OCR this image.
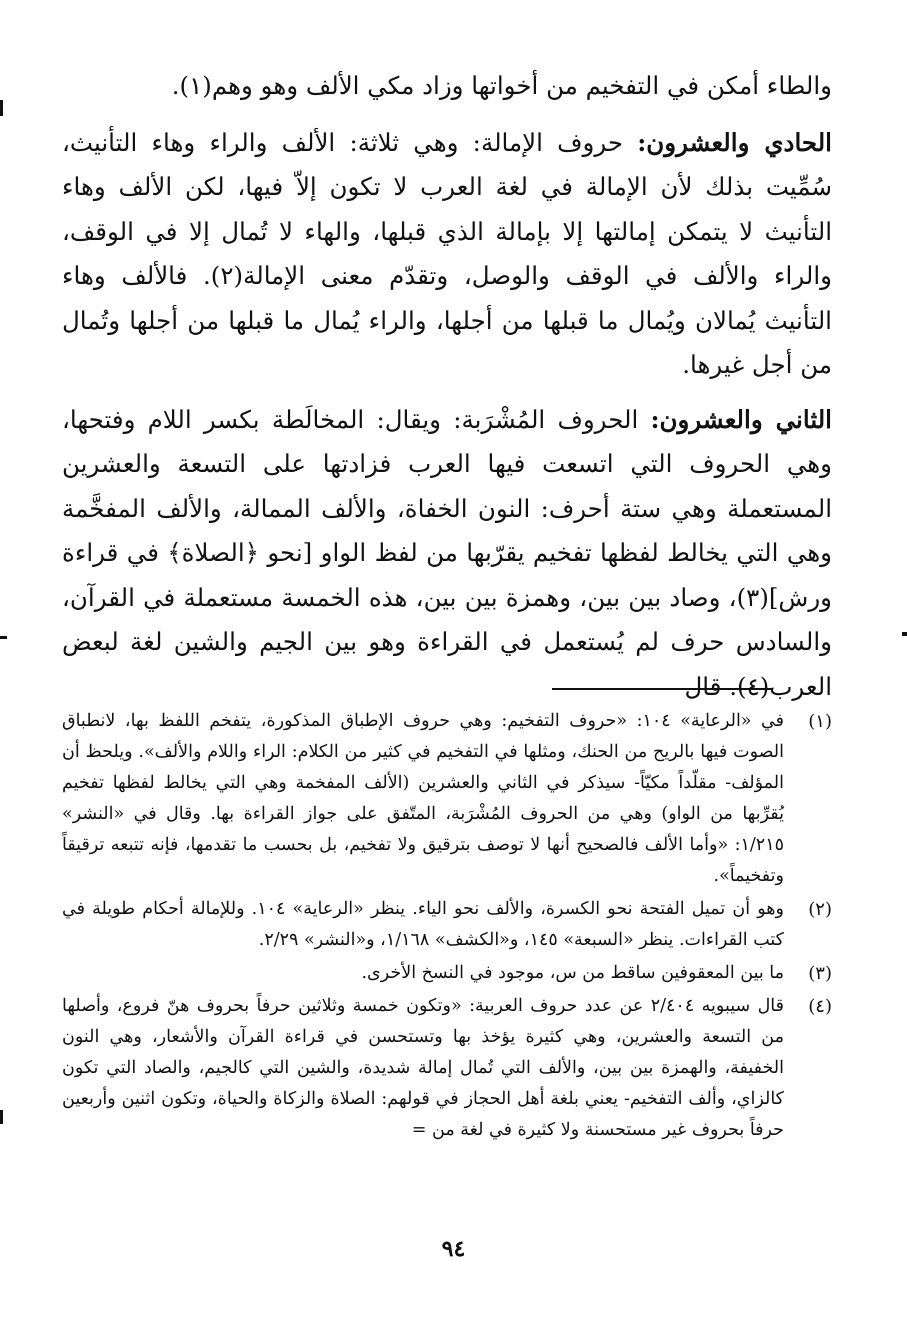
والطاء أمكن في التفخيم من أخواتها وزاد مكي الألف وهو وهم(١).

الحادي والعشرون: حروف الإمالة: وهي ثلاثة: الألف والراء وهاء التأنيث، سُمِّيت بذلك لأن الإمالة في لغة العرب لا تكون إلاّ فيها، لكن الألف وهاء التأنيث لا يتمكن إمالتها إلا بإمالة الذي قبلها، والهاء لا تُمال إلا في الوقف، والراء والألف في الوقف والوصل، وتقدّم معنى الإمالة(٢). فالألف وهاء التأنيث يُمالان ويُمال ما قبلها من أجلها، والراء يُمال ما قبلها من أجلها وتُمال من أجل غيرها.

الثاني والعشرون: الحروف المُشْرَبة: ويقال: المخالَطة بكسر اللام وفتحها، وهي الحروف التي اتسعت فيها العرب فزادتها على التسعة والعشرين المستعملة وهي ستة أحرف: النون الخفاة، والألف الممالة، والألف المفخَّمة وهي التي يخالط لفظها تفخيم يقرّبها من لفظ الواو [نحو ﴿الصلاة﴾ في قراءة ورش](٣)، وصاد بين بين، وهمزة بين بين، هذه الخمسة مستعملة في القرآن، والسادس حرف لم يُستعمل في القراءة وهو بين الجيم والشين لغة لبعض العرب(٤). قال

(١)
في «الرعاية» ١٠٤: «حروف التفخيم: وهي حروف الإطباق المذكورة، يتفخم اللفظ بها، لانطباق الصوت فيها بالريح من الحنك، ومثلها في التفخيم في كثير من الكلام: الراء واللام والألف». ويلحظ أن المؤلف- مقلّداً مكيّاً- سيذكر في الثاني والعشرين (الألف المفخمة وهي التي يخالط لفظها تفخيم يُقرِّبها من الواو) وهي من الحروف المُشْرَبة، المتّفق على جواز القراءة بها. وقال في «النشر» ١/٢١٥: «وأما الألف فالصحيح أنها لا توصف بترقيق ولا تفخيم، بل بحسب ما تقدمها، فإنه تتبعه ترقيقاً وتفخيماً».
(٢)
وهو أن تميل الفتحة نحو الكسرة، والألف نحو الياء. ينظر «الرعاية» ١٠٤. وللإمالة أحكام طويلة في كتب القراءات. ينظر «السبعة» ١٤٥، و«الكشف» ١/١٦٨، و«النشر» ٢/٢٩.
(٣)
ما بين المعقوفين ساقط من س، موجود في النسخ الأخرى.
(٤)
قال سيبويه ٢/٤٠٤ عن عدد حروف العربية: «وتكون خمسة وثلاثين حرفاً بحروف هنّ فروع، وأصلها من التسعة والعشرين، وهي كثيرة يؤخذ بها وتستحسن في قراءة القرآن والأشعار، وهي النون الخفيفة، والهمزة بين بين، والألف التي تُمال إمالة شديدة، والشين التي كالجيم، والصاد التي تكون كالزاي، وألف التفخيم- يعني بلغة أهل الحجاز في قولهم: الصلاة والزكاة والحياة، وتكون اثنين وأربعين حرفاً بحروف غير مستحسنة ولا كثيرة في لغة من =
٩٤
